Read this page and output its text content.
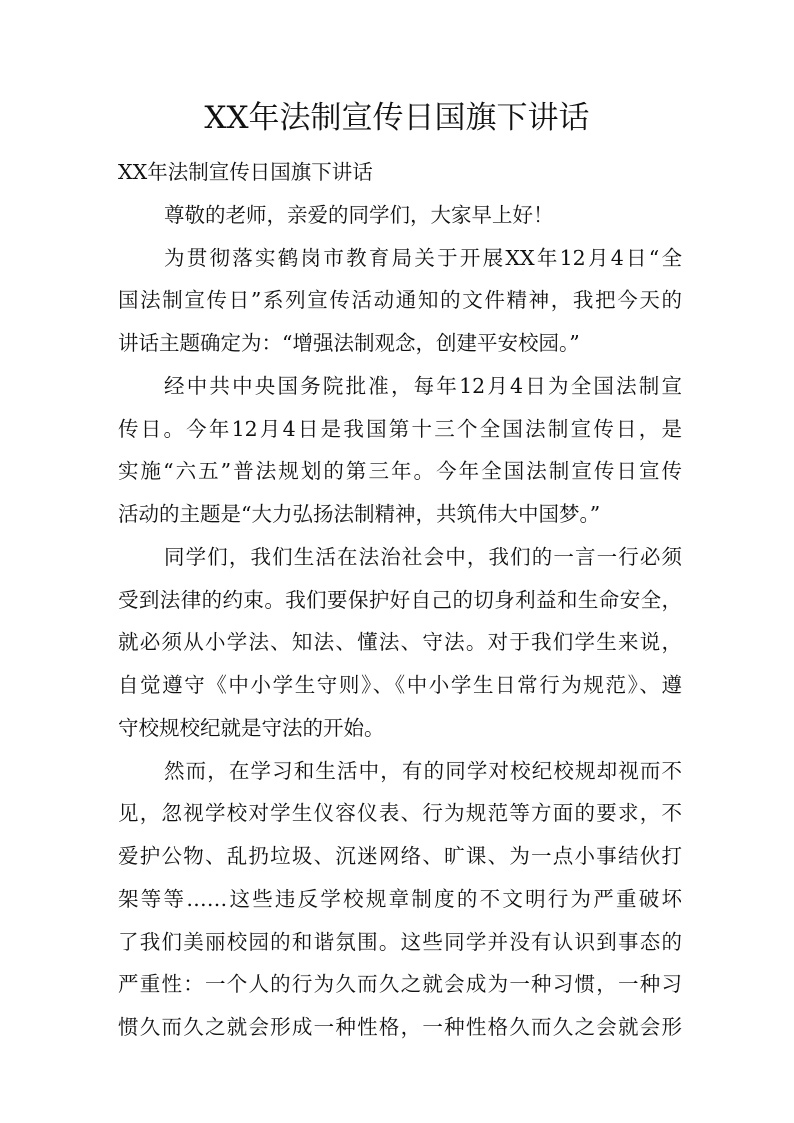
XX年法制宣传日国旗下讲话
XX年法制宣传日国旗下讲话
尊敬的老师，亲爱的同学们，大家早上好！
为贯彻落实鹤岗市教育局关于开展XX年12月4日“全
国法制宣传日”系列宣传活动通知的文件精神，我把今天的
讲话主题确定为：“增强法制观念，创建平安校园。”
经中共中央国务院批准，每年12月4日为全国法制宣
传日。今年12月4日是我国第十三个全国法制宣传日，是
实施“六五”普法规划的第三年。今年全国法制宣传日宣传
活动的主题是“大力弘扬法制精神，共筑伟大中国梦。”
同学们，我们生活在法治社会中，我们的一言一行必须
受到法律的约束。我们要保护好自己的切身利益和生命安全，
就必须从小学法、知法、懂法、守法。对于我们学生来说，
自觉遵守《中小学生守则》、《中小学生日常行为规范》、遵
守校规校纪就是守法的开始。
然而，在学习和生活中，有的同学对校纪校规却视而不
见，忽视学校对学生仪容仪表、行为规范等方面的要求，不
爱护公物、乱扔垃圾、沉迷网络、旷课、为一点小事结伙打
架等等……这些违反学校规章制度的不文明行为严重破坏
了我们美丽校园的和谐氛围。这些同学并没有认识到事态的
严重性：一个人的行为久而久之就会成为一种习惯，一种习
惯久而久之就会形成一种性格，一种性格久而久之会就会形
